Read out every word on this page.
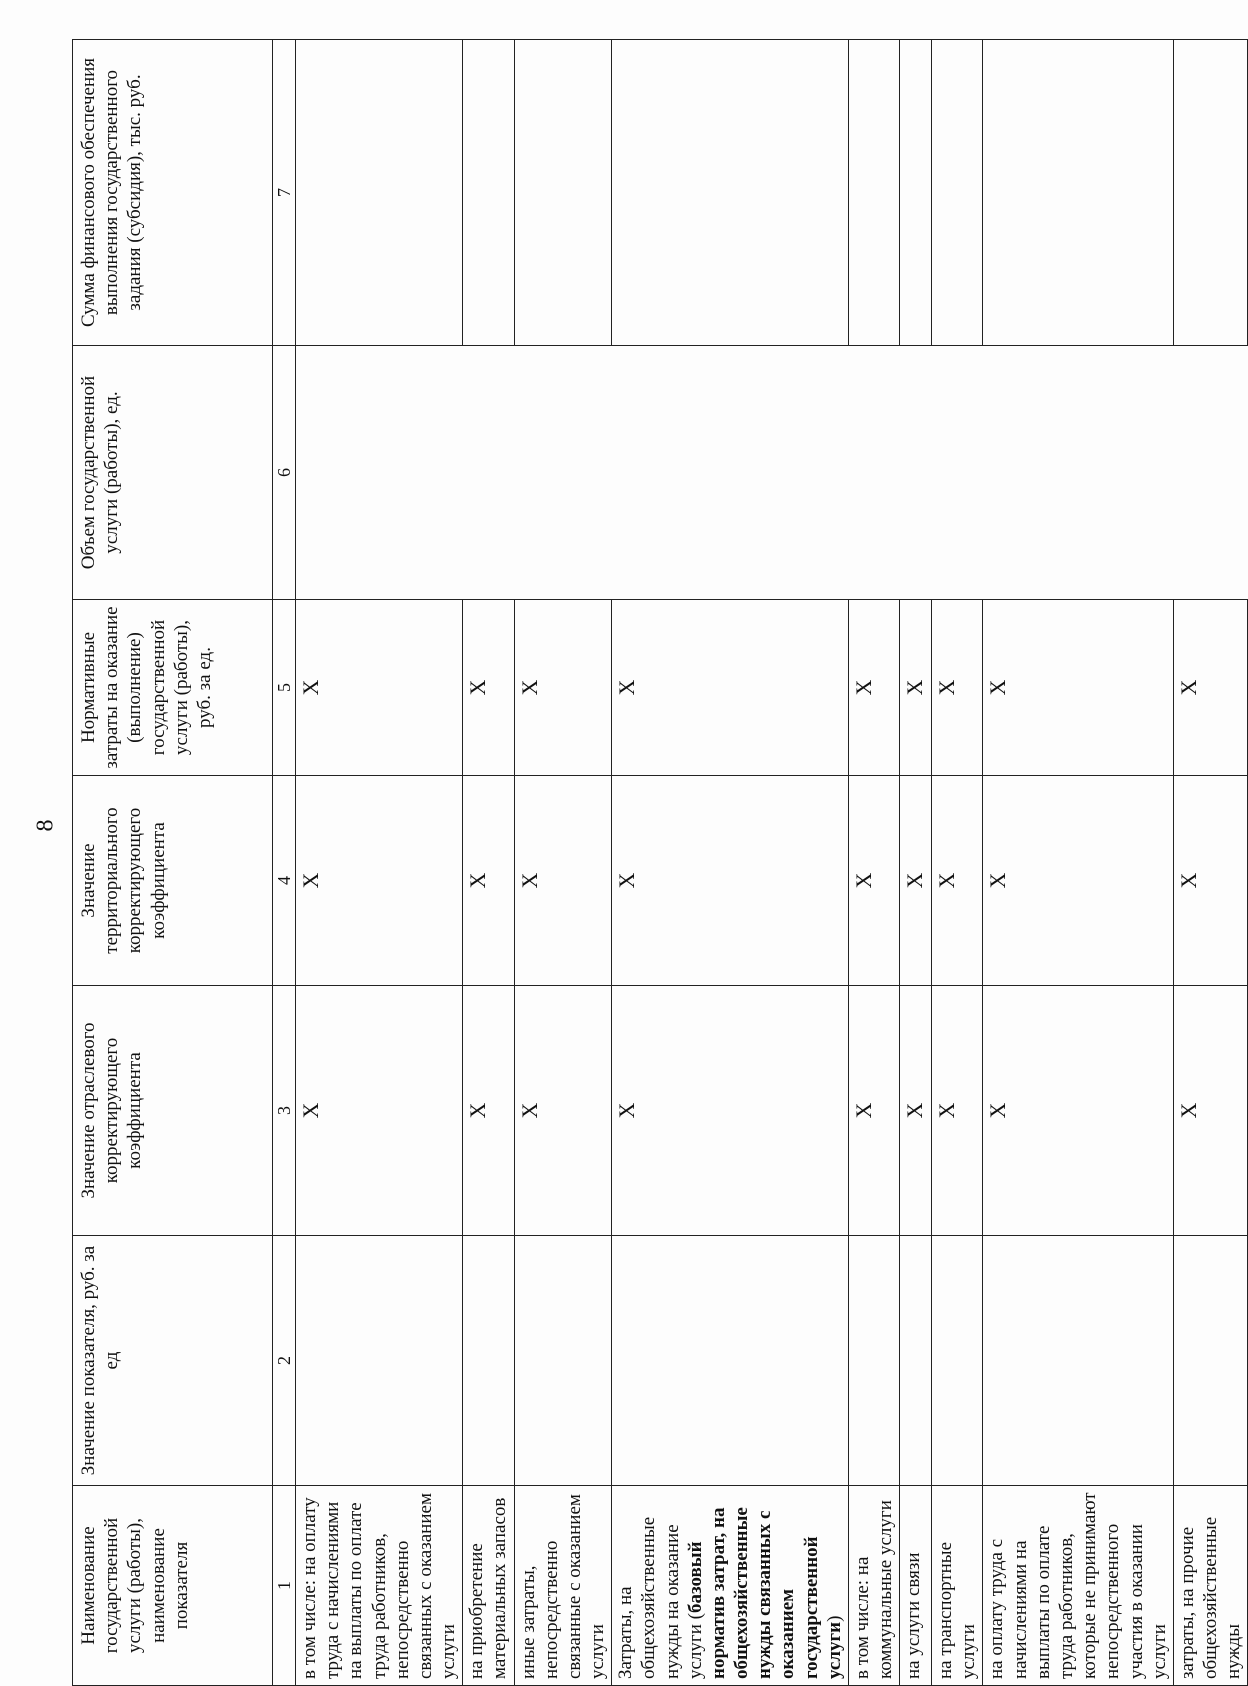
8
Наименование государственной услуги (работы), наименование показателя	Значение показателя, руб. за ед	Значение отраслевого корректирующего коэффициента	Значение территориального корректирующего коэффициента	Нормативные затраты на оказание (выполнение) государственной услуги (работы), руб. за ед.	Объем государственной услуги (работы), ед.	Сумма финансового обеспечения выполнения государственного задания (субсидия), тыс. руб.
1	2	3	4	5	6	7
в том числе: на оплату труда с начислениями на выплаты по оплате труда работников, непосредственно связанных с оказанием услуги		X	X	X		
на приобретение материальных запасов		X	X	X		
иные затраты, непосредственно связанные с оказанием услуги		X	X	X		
Затраты, на общехозяйственные нужды на оказание услуги (базовый норматив затрат, на общехозяйственные нужды связанных с оказанием государственной услуги)		X	X	X		
в том числе: на коммунальные услуги		X	X	X		
на услуги связи		X	X	X		
на транспортные услуги		X	X	X		
на оплату труда с начислениями на выплаты по оплате труда работников, которые не принимают непосредственного участия в оказании услуги		X	X	X		
затраты, на прочие общехозяйственные нужды		X	X	X		
